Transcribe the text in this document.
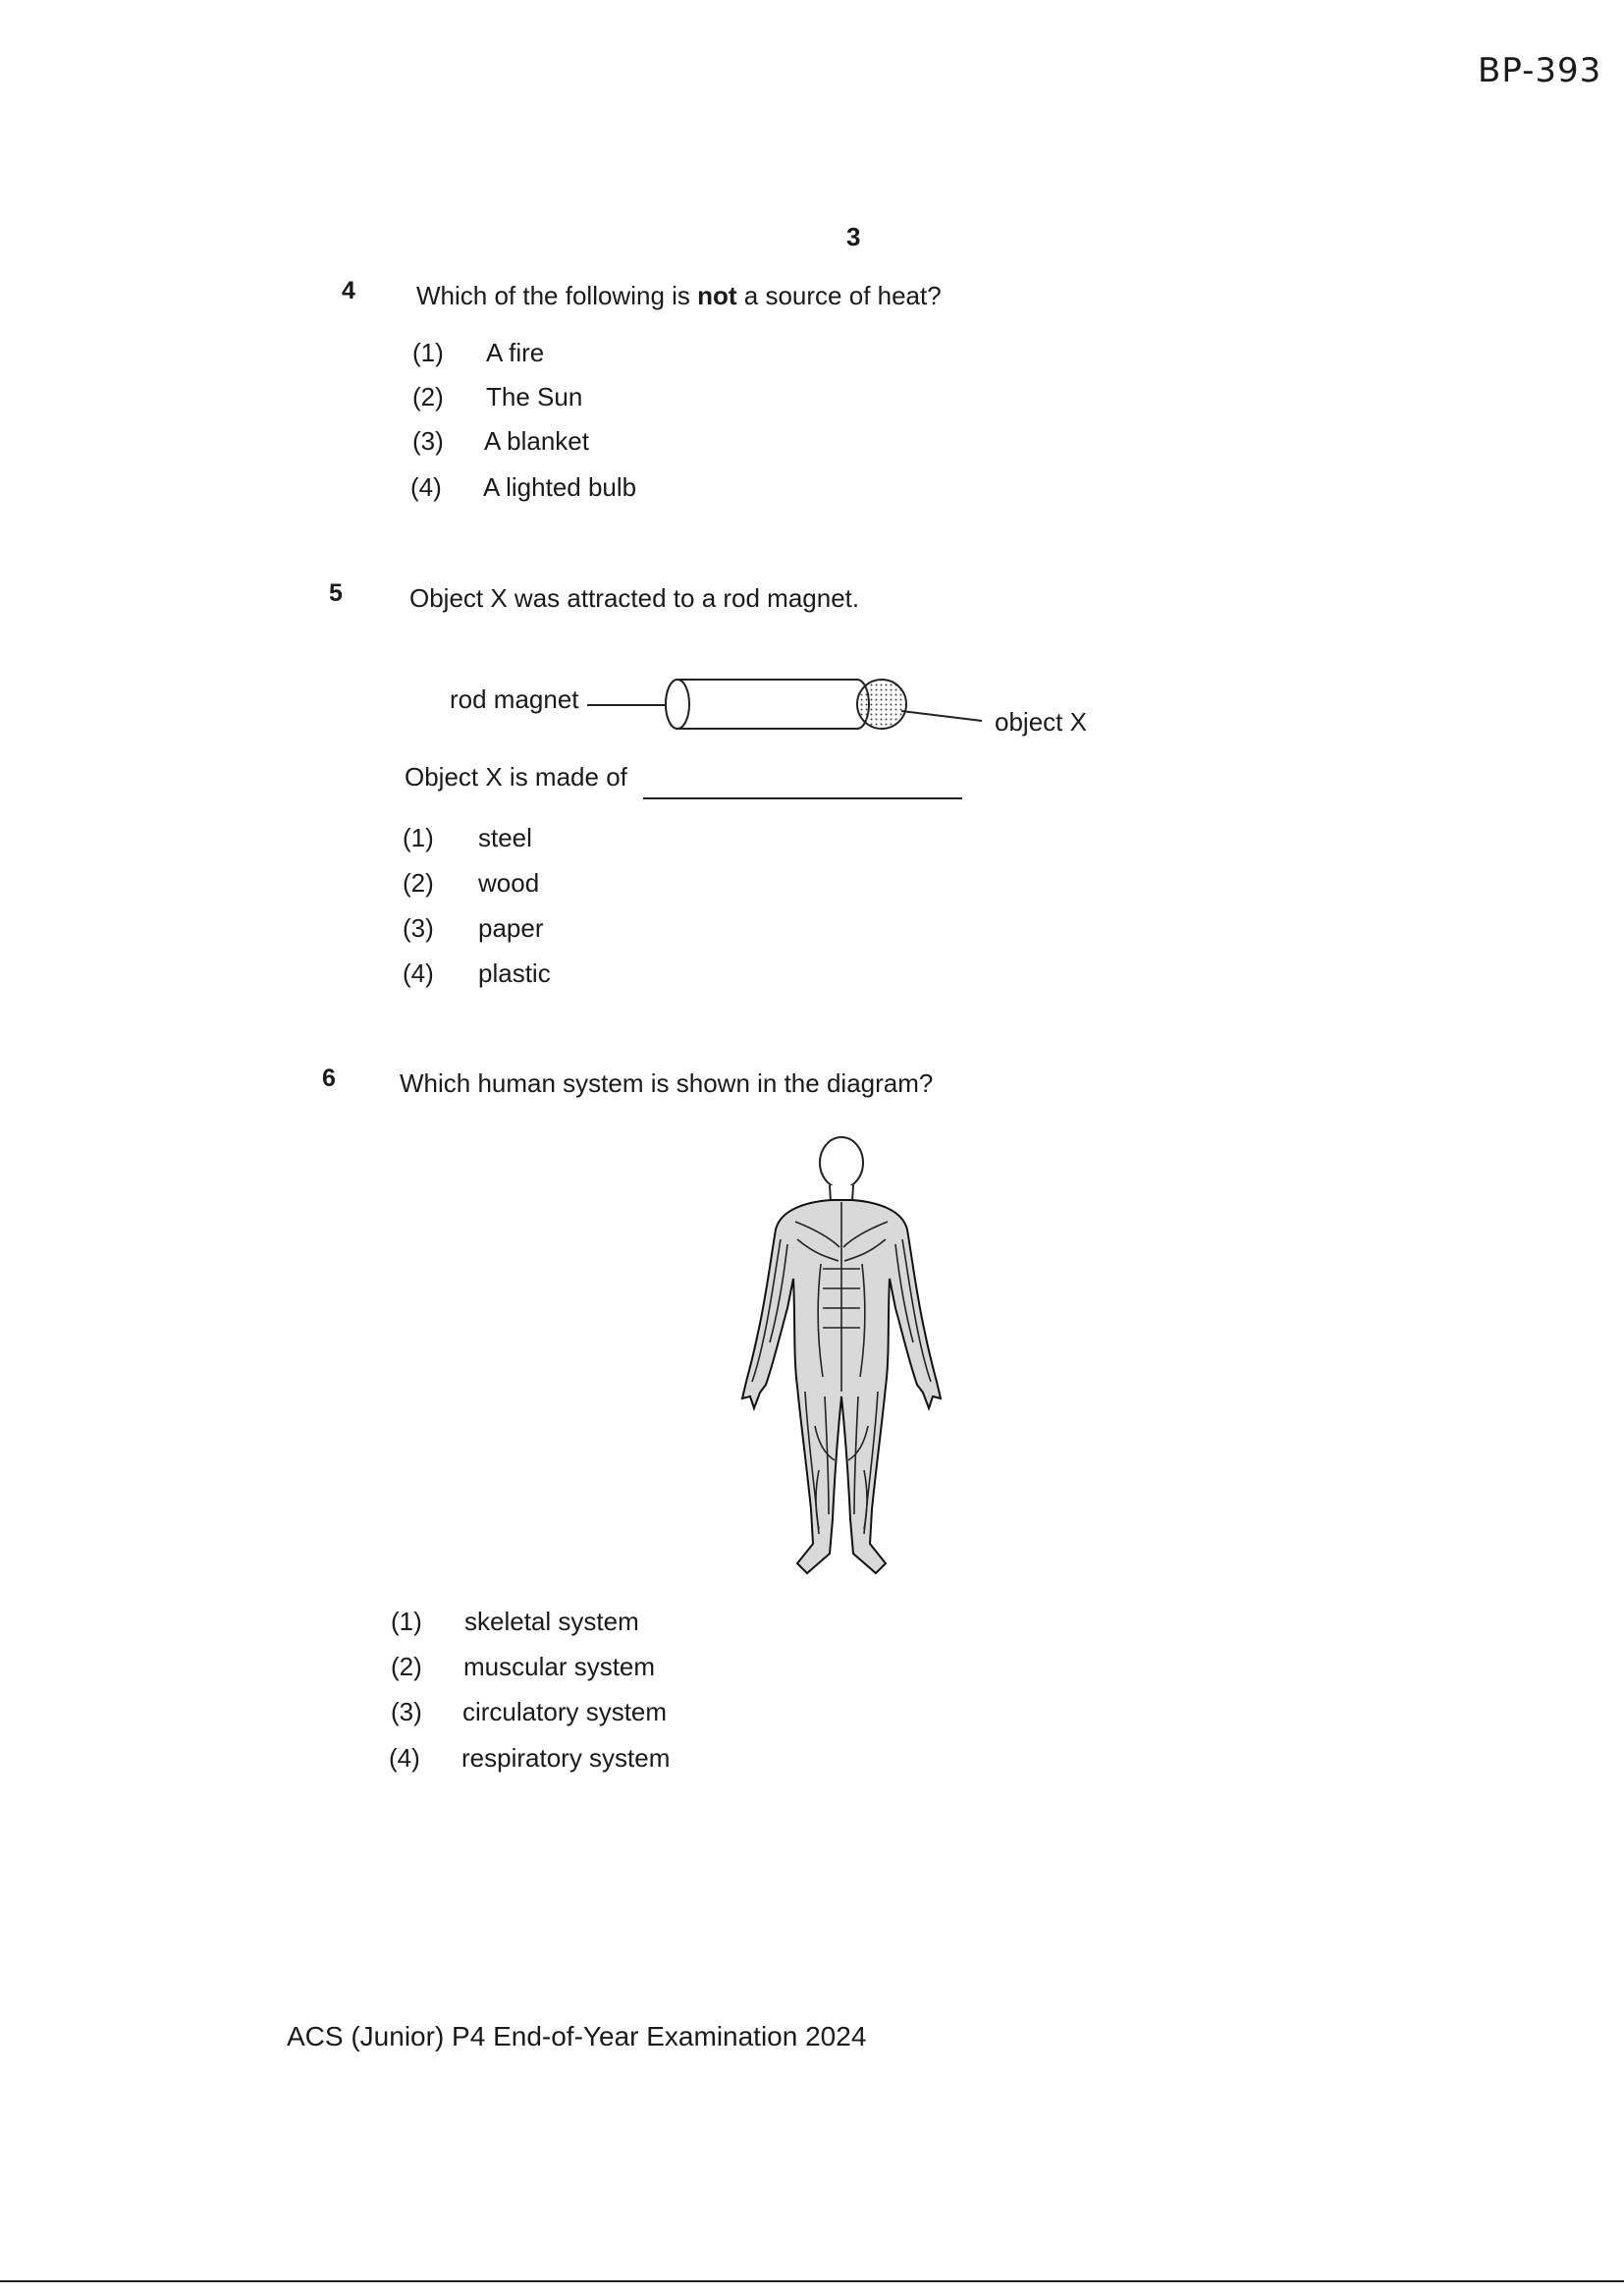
BP-393
3
4 Which of the following is not a source of heat?
(1) A fire
(2) The Sun
(3) A blanket
(4) A lighted bulb
5	Object X was attracted to a rod magnet.
rod magnet
object X
Object X is made of
(1) steel
(2) wood
(3) paper
(4) plastic
6	Which human system is shown in the diagram?
(1) skeletal system
(2) muscular system
(3) circulatory system
(4) respiratory system
ACS (Junior) P4 End-of-Year Examination 2024
